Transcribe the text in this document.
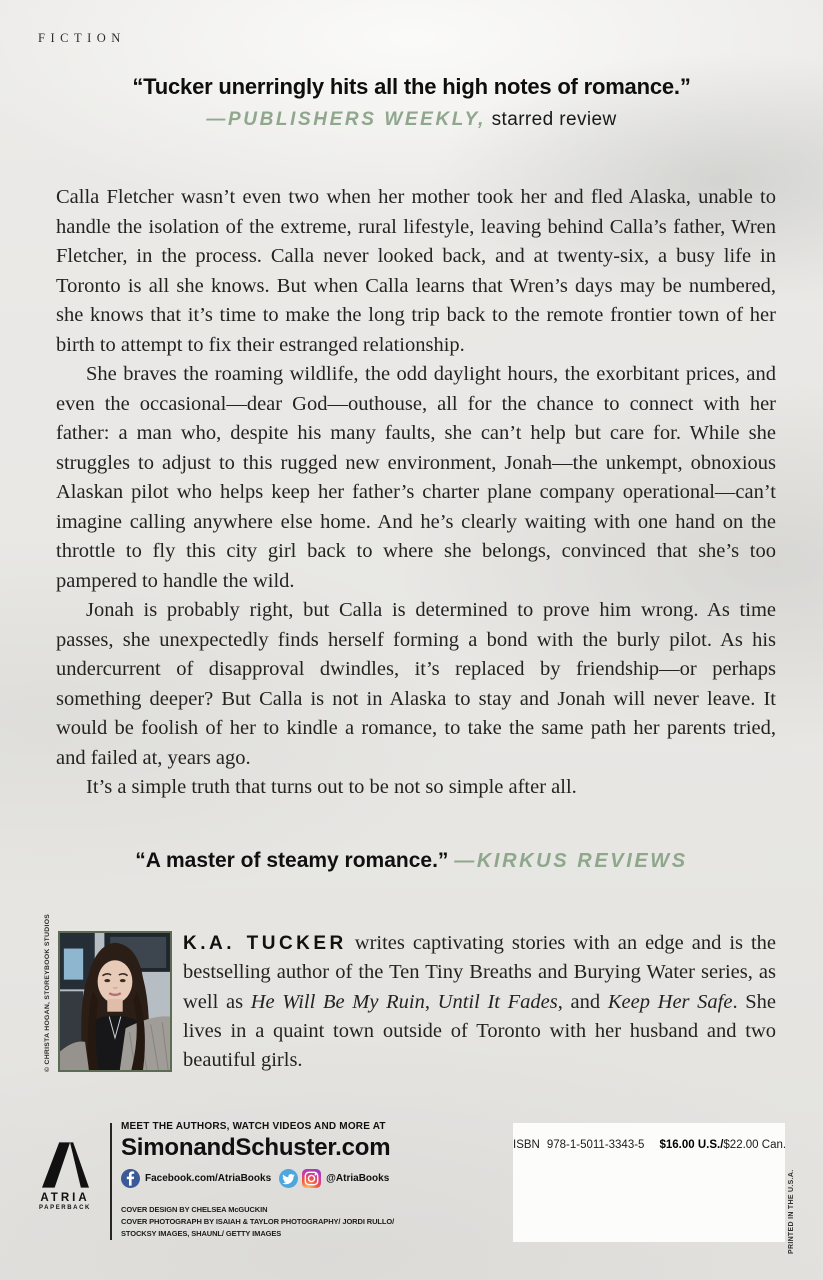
FICTION
“Tucker unerringly hits all the high notes of romance.”
—PUBLISHERS WEEKLY, starred review

Calla Fletcher wasn’t even two when her mother took her and fled Alaska, unable to handle the isolation of the extreme, rural lifestyle, leaving behind Calla’s father, Wren Fletcher, in the process. Calla never looked back, and at twenty-six, a busy life in Toronto is all she knows. But when Calla learns that Wren’s days may be numbered, she knows that it’s time to make the long trip back to the remote frontier town of her birth to attempt to fix their estranged relationship.

She braves the roaming wildlife, the odd daylight hours, the exorbitant prices, and even the occasional—dear God—outhouse, all for the chance to connect with her father: a man who, despite his many faults, she can’t help but care for. While she struggles to adjust to this rugged new environment, Jonah—the unkempt, obnoxious Alaskan pilot who helps keep her father’s charter plane company operational—can’t imagine calling anywhere else home. And he’s clearly waiting with one hand on the throttle to fly this city girl back to where she belongs, convinced that she’s too pampered to handle the wild.

Jonah is probably right, but Calla is determined to prove him wrong. As time passes, she unexpectedly finds herself forming a bond with the burly pilot. As his undercurrent of disapproval dwindles, it’s replaced by friendship—or perhaps something deeper? But Calla is not in Alaska to stay and Jonah will never leave. It would be foolish of her to kindle a romance, to take the same path her parents tried, and failed at, years ago.

It’s a simple truth that turns out to be not so simple after all.

“A master of steamy romance.” —KIRKUS REVIEWS
© CHRISTA HOGAN, STOREYBOOK STUDIOS	K.A. TUCKER writes captivating stories with an edge and is the bestselling author of the Ten Tiny Breaths and Burying Water series, as well as He Will Be My Ruin, Until It Fades, and Keep Her Safe. She lives in a quaint town outside of Toronto with her husband and two beautiful girls.
ATRIA
PAPERBACK
MEET THE AUTHORS, WATCH VIDEOS AND MORE AT
SimonandSchuster.com
Facebook.com/AtriaBooks	@AtriaBooks
COVER DESIGN BY CHELSEA McGUCKIN
COVER PHOTOGRAPH BY ISAIAH & TAYLOR PHOTOGRAPHY/ JORDI RULLO/
STOCKSY IMAGES, SHAUNL/ GETTY IMAGES
ISBN 978-1-5011-3343-5 $16.00 U.S./$22.00 Can.
PRINTED IN THE U.S.A.
